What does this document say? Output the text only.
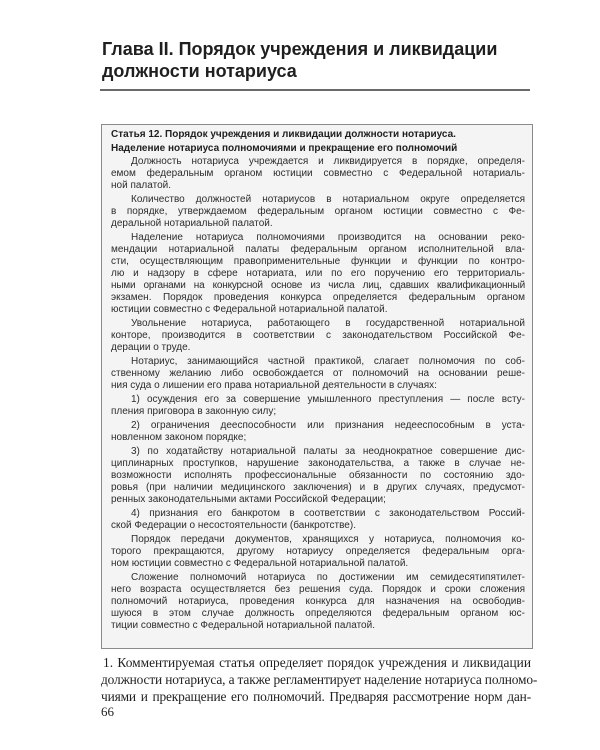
Глава II. Порядок учреждения и ликвидации
должности нотариуса
Статья 12. Порядок учреждения и ликвидации должности нотариуса.
Наделение нотариуса полномочиями и прекращение его полномочий
Должность нотариуса учреждается и ликвидируется в порядке, определя-
емом федеральным органом юстиции совместно с Федеральной нотариаль-
ной палатой.
Количество должностей нотариусов в нотариальном округе определяется
в порядке, утверждаемом федеральным органом юстиции совместно с Фе-
деральной нотариальной палатой.
Наделение нотариуса полномочиями производится на основании реко-
мендации нотариальной палаты федеральным органом исполнительной вла-
сти, осуществляющим правоприменительные функции и функции по контро-
лю и надзору в сфере нотариата, или по его поручению его территориаль-
ными органами на конкурсной основе из числа лиц, сдавших квалификационный
экзамен. Порядок проведения конкурса определяется федеральным органом
юстиции совместно с Федеральной нотариальной палатой.
Увольнение нотариуса, работающего в государственной нотариальной
конторе, производится в соответствии с законодательством Российской Фе-
дерации о труде.
Нотариус, занимающийся частной практикой, слагает полномочия по соб-
ственному желанию либо освобождается от полномочий на основании реше-
ния суда о лишении его права нотариальной деятельности в случаях:
1) осуждения его за совершение умышленного преступления — после всту-
пления приговора в законную силу;
2) ограничения дееспособности или признания недееспособным в уста-
новленном законом порядке;
3) по ходатайству нотариальной палаты за неоднократное совершение дис-
циплинарных проступков, нарушение законодательства, а также в случае не-
возможности исполнять профессиональные обязанности по состоянию здо-
ровья (при наличии медицинского заключения) и в других случаях, предусмот-
ренных законодательными актами Российской Федерации;
4) признания его банкротом в соответствии с законодательством Россий-
ской Федерации о несостоятельности (банкротстве).
Порядок передачи документов, хранящихся у нотариуса, полномочия ко-
торого прекращаются, другому нотариусу определяется федеральным орга-
ном юстиции совместно с Федеральной нотариальной палатой.
Сложение полномочий нотариуса по достижении им семидесятипятилет-
него возраста осуществляется без решения суда. Порядок и сроки сложения
полномочий нотариуса, проведения конкурса для назначения на освободив-
шуюся в этом случае должность определяются федеральным органом юс-
тиции совместно с Федеральной нотариальной палатой.
1. Комментируемая статья определяет порядок учреждения и ликвидации
должности нотариуса, а также регламентирует наделение нотариуса полномо-
чиями и прекращение его полномочий. Предваряя рассмотрение норм дан-
66
